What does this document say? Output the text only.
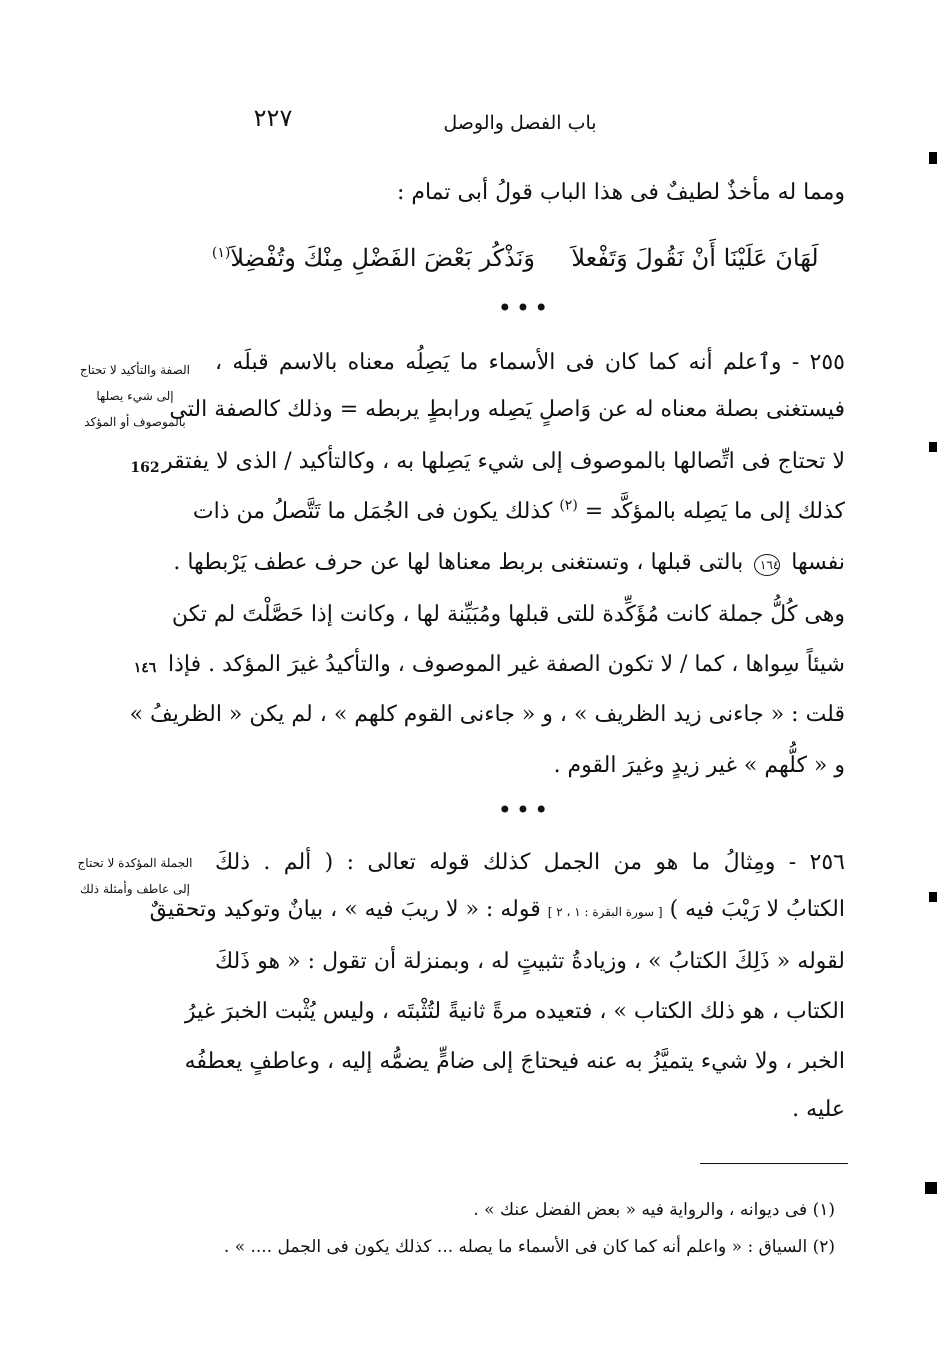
٢٢٧	باب الفصل والوصل
ومما له مأخذٌ لطيفٌ فى هذا الباب قولُ أبى تمام :
لَهَانَ عَلَيْنَا أَنْ نَقُولَ وَتَفْعلاَ
وَنَذْكُر بَعْضَ الفَضْلِ مِنْكَ وتُفْضِلاَ$^{(١)}$
•••
٢٥٥ - وٱعلم أنه كما كان فى الأسماء ما يَصِلُه معناه بالاسم قبلَه ،
فيستغنى بصلة معناه له عن وَاصلٍ يَصِله ورابطٍ يربطه = وذلك كالصفة التى
لا تحتاج فى اتِّصالها بالموصوف إلى شيء يَصِلها به ، وكالتأكيد / الذى لا يفتقر
كذلك إلى ما يَصِله بالمؤكَّد = $^{(٢)}$ كذلك يكون فى الجُمَل ما تَتَّصلُ من ذات
نفسها ١٦٤ بالتى قبلها ، وتستغنى بربط معناها لها عن حرف عطف يَرْبطها .
وهى كُلُّ جملة كانت مُؤَكِّدة للتى قبلها ومُبَيِّنة لها ، وكانت إذا حَصَّلْتَ لم تكن
شيئاً سِواها ، كما / لا تكون الصفة غير الموصوف ، والتأكيدُ غيرَ المؤكد . فإذا
قلت : « جاءنى زيد الظريف » ، و « جاءنى القوم كلهم » ، لم يكن « الظريفُ »
و « كلُّهم » غير زيدٍ وغيرَ القوم .
الصفة والتأكيد لا تحتاج
إلى شيء يصلها
بالموصوف أو المؤكد
162
١٤٦
•••
٢٥٦ - ومِثالُ ما هو من الجمل كذلك قوله تعالى : ( ألم . ذلكَ
الكتابُ لا رَيْبَ فيه ) [ سورة البقرة : ١ ، ٢ ] قوله : « لا ريبَ فيه » ، بيانٌ وتوكيد وتحقيقٌ
لقوله « ذَلِكَ الكتابُ » ، وزيادةُ تثبيتٍ له ، وبمنزلة أن تقول : « هو ذَلكَ
الكتاب ، هو ذلك الكتاب » ، فتعيده مرةً ثانيةً لتُثْبتَه ، وليس يُثْبت الخبرَ غيرُ
الخبر ، ولا شيء يتميَّزُ به عنه فيحتاجَ إلى ضامٍّ يضمُّه إليه ، وعاطفٍ يعطفُه
عليه .
الجملة المؤكدة لا تحتاج
إلى عاطف وأمثلة ذلك
(١) فى ديوانه ، والرواية فيه « بعض الفضل عنك » .
(٢) السياق : « واعلم أنه كما كان فى الأسماء ما يصله ... كذلك يكون فى الجمل .... » .
